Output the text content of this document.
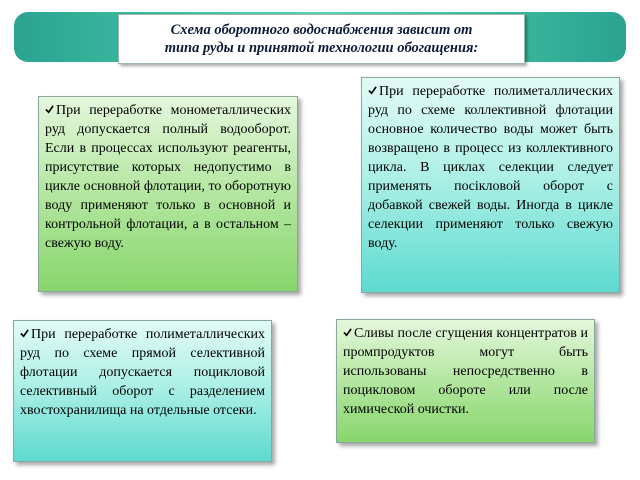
Схема оборотного водоснабжения зависит от
типа руды и принятой технологии обогащения:
При переработке монометаллических руд допускается полный водооборот. Если в процессах используют реагенты, присутствие которых недопустимо в цикле основной флотации, то оборотную воду применяют только в основной и контрольной флотации, а в остальном – свежую воду.
При переработке полиметаллических руд по схеме коллективной флотации основное количество воды может быть возвращено в процесс из коллективного цикла. В циклах селекции следует применять пociклoвой оборот с добавкой свежей воды. Иногда в цикле селекции применяют только свежую воду.
При переработке полиметаллических руд по схеме прямой селективной флотации допускается поцикловой селективный оборот с разделением хвостохранилища на отдельные отсеки.
Сливы после сгущения концентратов и промпродуктов могут быть использованы непосредственно в поцикловом обороте или после химической очистки.
